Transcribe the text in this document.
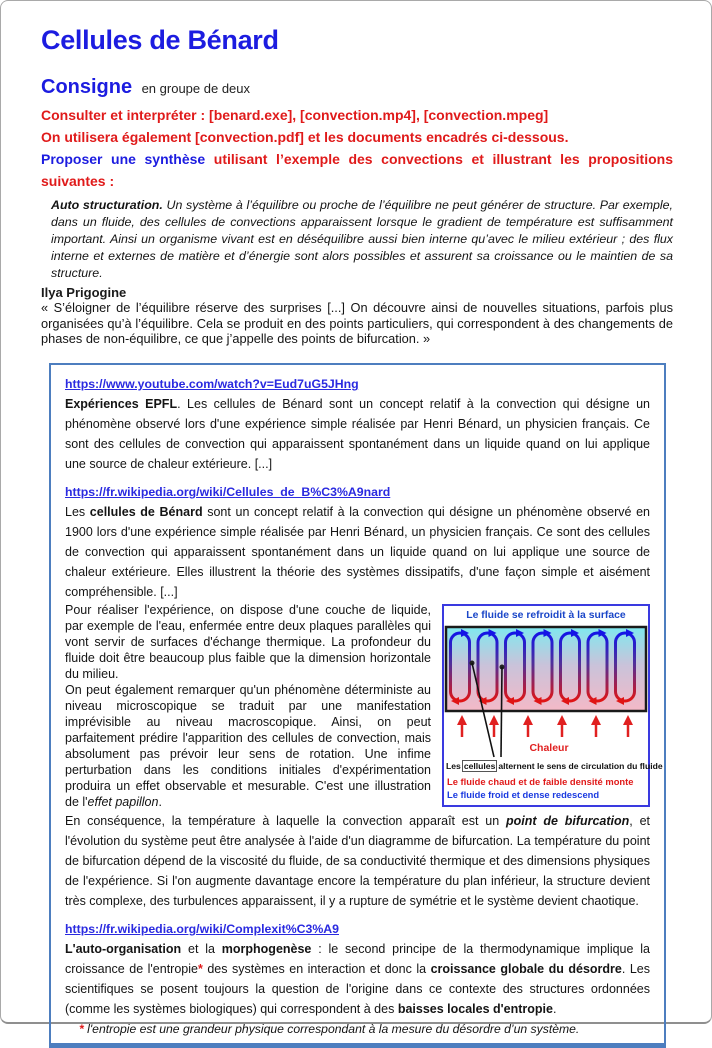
Cellules de Bénard
Consigne en groupe de deux
Consulter et interpréter : [benard.exe], [convection.mp4], [convection.mpeg]
On utilisera également [convection.pdf] et les documents encadrés ci-dessous.
Proposer une synthèse utilisant l’exemple des convections et illustrant les propositions suivantes :
Auto structuration. Un système à l’équilibre ou proche de l’équilibre ne peut générer de structure. Par exemple, dans un fluide, des cellules de convections apparaissent lorsque le gradient de température est suffisamment important. Ainsi un organisme vivant est en déséquilibre aussi bien interne qu’avec le milieu extérieur ; des flux interne et externes de matière et d’énergie sont alors possibles et assurent sa croissance ou le maintien de sa structure.
Ilya Prigogine
« S’éloigner de l’équilibre réserve des surprises [...] On découvre ainsi de nouvelles situations, parfois plus organisées qu’à l’équilibre. Cela se produit en des points particuliers, qui correspondent à des changements de phases de non-équilibre, ce que j’appelle des points de bifurcation. »
https://www.youtube.com/watch?v=Eud7uG5JHng

Expériences EPFL. Les cellules de Bénard sont un concept relatif à la convection qui désigne un phénomène observé lors d'une expérience simple réalisée par Henri Bénard, un physicien français. Ce sont des cellules de convection qui apparaissent spontanément dans un liquide quand on lui applique une source de chaleur extérieure. [...]

https://fr.wikipedia.org/wiki/Cellules_de_B%C3%A9nard

Les cellules de Bénard sont un concept relatif à la convection qui désigne un phénomène observé en 1900 lors d'une expérience simple réalisée par Henri Bénard, un physicien français. Ce sont des cellules de convection qui apparaissent spontanément dans un liquide quand on lui applique une source de chaleur extérieure. Elles illustrent la théorie des systèmes dissipatifs, d'une façon simple et aisément compréhensible. [...]

Le fluide se refroidit à la surface
Chaleur
Les cellules alternent le sens de circulation du fluide
Le fluide chaud et de faible densité monte
Le fluide froid et dense redescend

Pour réaliser l'expérience, on dispose d'une couche de liquide, par exemple de l'eau, enfermée entre deux plaques parallèles qui vont servir de surfaces d'échange thermique. La profondeur du fluide doit être beaucoup plus faible que la dimension horizontale du milieu.

On peut également remarquer qu'un phénomène déterministe au niveau microscopique se traduit par une manifestation imprévisible au niveau macroscopique. Ainsi, on peut parfaitement prédire l'apparition des cellules de convection, mais absolument pas prévoir leur sens de rotation. Une infime perturbation dans les conditions initiales d'expérimentation produira un effet observable et mesurable. C'est une illustration de l'effet papillon.

En conséquence, la température à laquelle la convection apparaît est un point de bifurcation, et l'évolution du système peut être analysée à l'aide d'un diagramme de bifurcation. La température du point de bifurcation dépend de la viscosité du fluide, de sa conductivité thermique et des dimensions physiques de l'expérience. Si l'on augmente davantage encore la température du plan inférieur, la structure devient très complexe, des turbulences apparaissent, il y a rupture de symétrie et le système devient chaotique.

https://fr.wikipedia.org/wiki/Complexit%C3%A9

L'auto-organisation et la morphogenèse : le second principe de la thermodynamique implique la croissance de l'entropie* des systèmes en interaction et donc la croissance globale du désordre. Les scientifiques se posent toujours la question de l'origine dans ce contexte des structures ordonnées (comme les systèmes biologiques) qui correspondent à des baisses locales d'entropie.

* l'entropie est une grandeur physique correspondant à la mesure du désordre d’un système.
